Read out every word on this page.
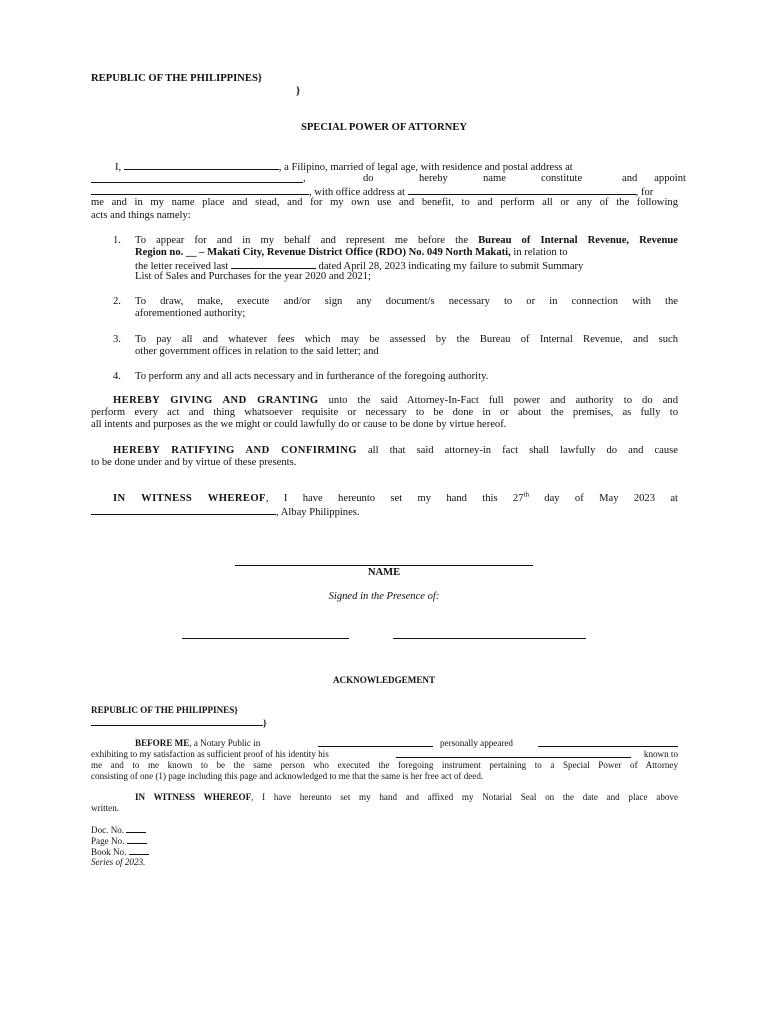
REPUBLIC OF THE PHILIPPINES}
}
SPECIAL POWER OF ATTORNEY
I,	, a Filipino, married of legal age, with residence and postal address at
,	do	hereby	name	constitute	and appoint
, with office address at	, for
me and in my name place and stead, and for my own use and benefit, to and perform all or any of the following
acts and things namely:
1. To appear for and in my behalf and represent me before the Bureau of Internal Revenue, Revenue
Region no. __ – Makati City, Revenue District Office (RDO) No. 049 North Makati, in relation to
the letter received last	dated April 28, 2023 indicating my failure to submit Summary
List of Sales and Purchases for the year 2020 and 2021;
2. To draw, make, execute and/or sign any document/s necessary to or in connection with the
aforementioned authority;
3. To pay all and whatever fees which may be assessed by the Bureau of Internal Revenue, and such
other government offices in relation to the said letter; and
4. To perform any and all acts necessary and in furtherance of the foregoing authority.
HEREBY GIVING AND GRANTING unto the said Attorney-In-Fact full power and authority to do and
perform every act and thing whatsoever requisite or necessary to be done in or about the premises, as fully to
all intents and purposes as the we might or could lawfully do or cause to be done by virtue hereof.
HEREBY RATIFYING AND CONFIRMING all that said attorney-in fact shall lawfully do and cause
to be done under and by virtue of these presents.
IN WITNESS WHEREOF, I have hereunto set my hand this 27th day of May 2023 at
, Albay Philippines.
NAME
Signed in the Presence of:
ACKNOWLEDGEMENT
REPUBLIC OF THE PHILIPPINES}
}
BEFORE ME, a Notary Public in	personally appeared
exhibiting to my satisfaction as sufficient proof of his identity his	known to
me and to me known to be the same person who executed the foregoing instrument pertaining to a Special Power of Attorney
consisting of one (1) page including this page and acknowledged to me that the same is her free act of deed.
IN WITNESS WHEREOF, I have hereunto set my hand and affixed my Notarial Seal on the date and place above
written.
Doc. No.
Page No.
Book No.
Series of 2023.
